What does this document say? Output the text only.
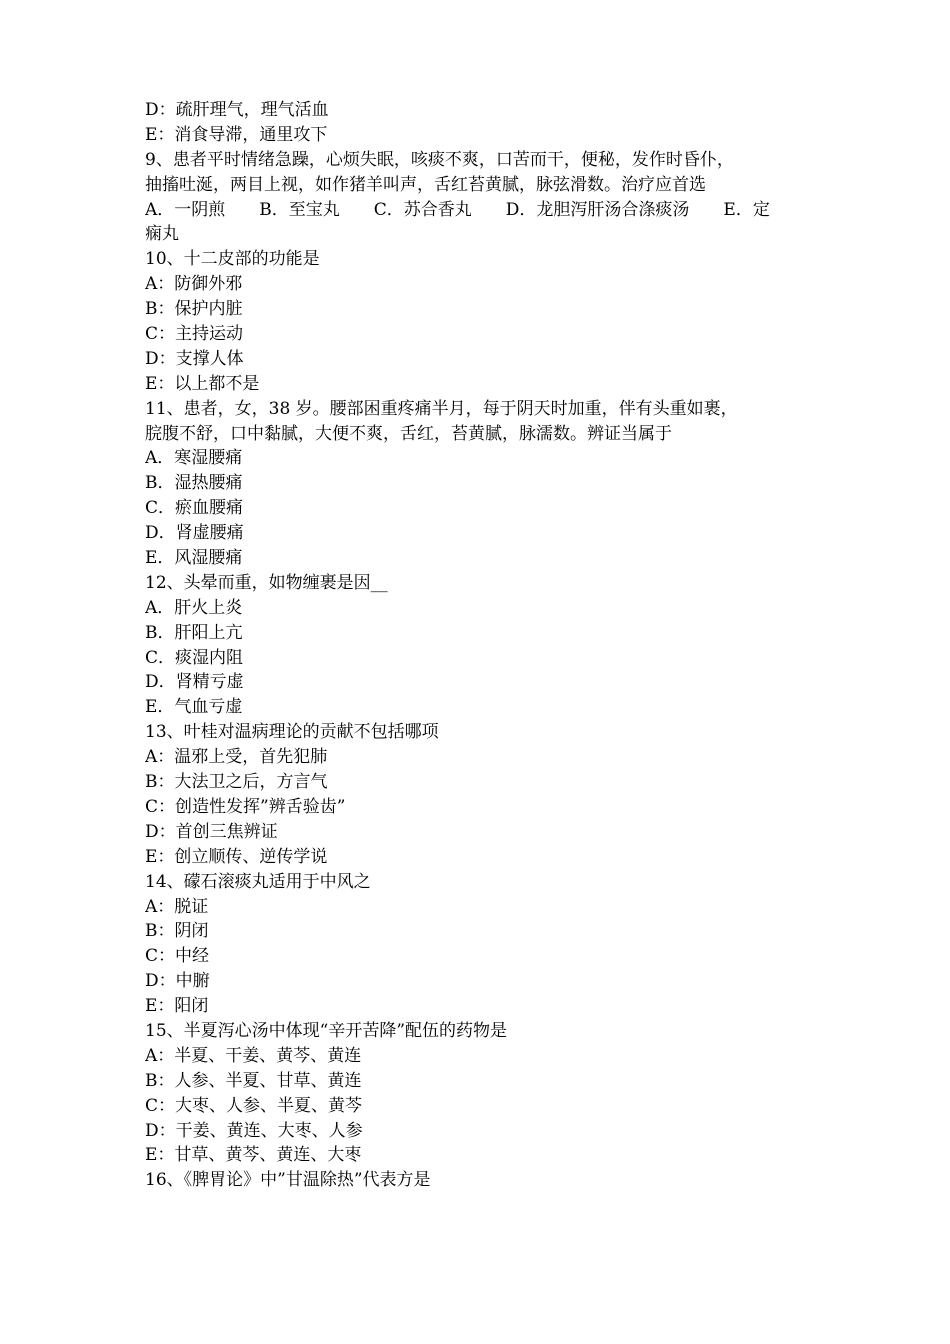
D：疏肝理气，理气活血
E：消食导滞，通里攻下
9、患者平时情绪急躁，心烦失眠，咳痰不爽，口苦而干，便秘，发作时昏仆，
抽搐吐涎，两目上视，如作猪羊叫声，舌红苔黄腻，脉弦滑数。治疗应首选
A．一阴煎　　B．至宝丸　　C．苏合香丸　　D．龙胆泻肝汤合涤痰汤　　E．定
痫丸
10、十二皮部的功能是
A：防御外邪
B：保护内脏
C：主持运动
D：支撑人体
E：以上都不是
11、患者，女，38 岁。腰部困重疼痛半月，每于阴天时加重，伴有头重如裹，
脘腹不舒，口中黏腻，大便不爽，舌红，苔黄腻，脉濡数。辨证当属于
A．寒湿腰痛
B．湿热腰痛
C．瘀血腰痛
D．肾虚腰痛
E．风湿腰痛
12、头晕而重，如物缠裹是因__
A．肝火上炎
B．肝阳上亢
C．痰湿内阻
D．肾精亏虚
E．气血亏虚
13、叶桂对温病理论的贡献不包括哪项
A：温邪上受，首先犯肺
B：大法卫之后，方言气
C：创造性发挥”辨舌验齿”
D：首创三焦辨证
E：创立顺传、逆传学说
14、礞石滚痰丸适用于中风之
A：脱证
B：阴闭
C：中经
D：中腑
E：阳闭
15、半夏泻心汤中体现“辛开苦降”配伍的药物是
A：半夏、干姜、黄芩、黄连
B：人参、半夏、甘草、黄连
C：大枣、人参、半夏、黄芩
D：干姜、黄连、大枣、人参
E：甘草、黄芩、黄连、大枣
16、《脾胃论》中”甘温除热”代表方是
